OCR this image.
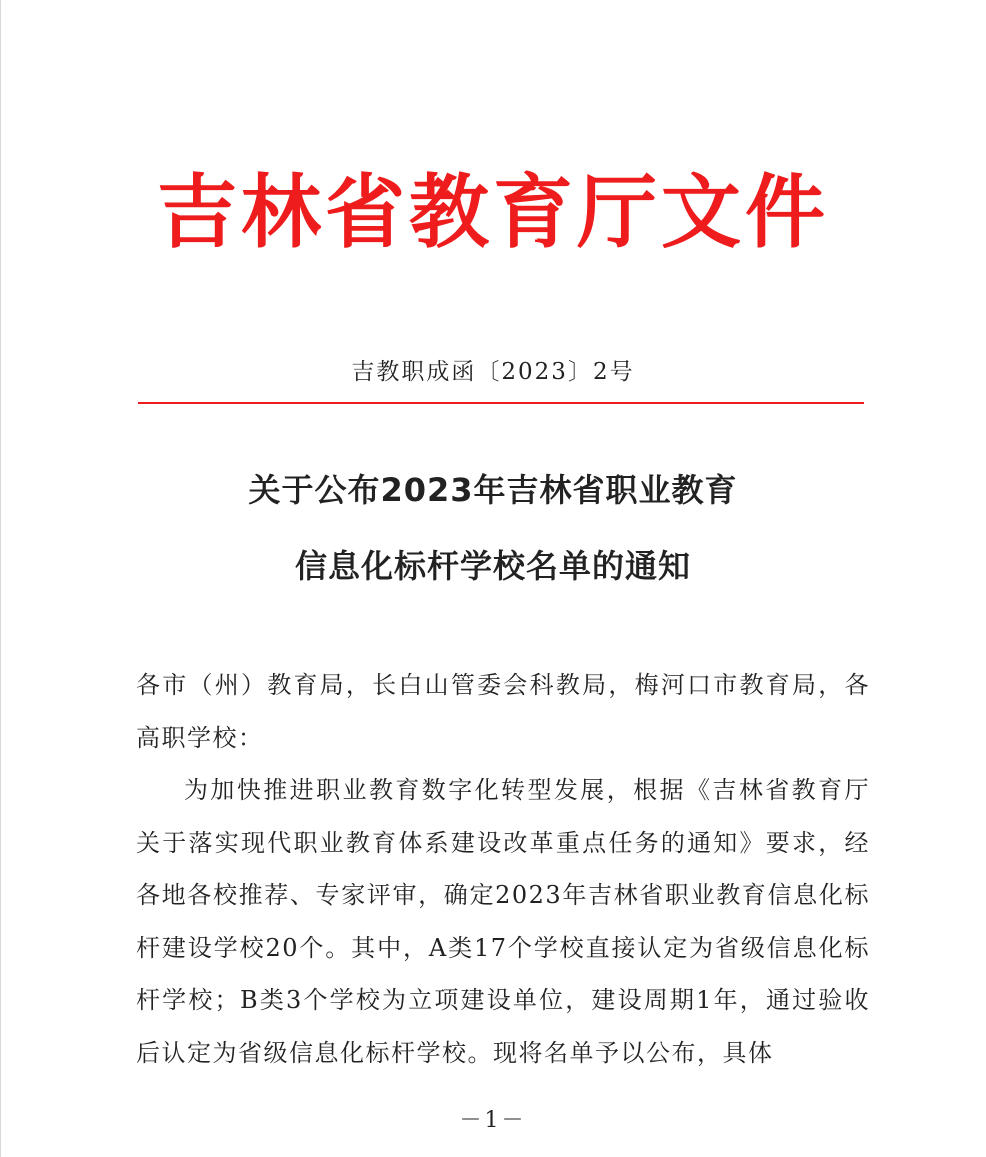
吉林省教育厅文件
吉教职成函〔2023〕2号
关于公布2023年吉林省职业教育
信息化标杆学校名单的通知

各市（州）教育局，长白山管委会科教局，梅河口市教育局，各高职学校：

为加快推进职业教育数字化转型发展，根据《吉林省教育厅关于落实现代职业教育体系建设改革重点任务的通知》要求，经各地各校推荐、专家评审，确定2023年吉林省职业教育信息化标杆建设学校20个。其中，A类17个学校直接认定为省级信息化标杆学校；B类3个学校为立项建设单位，建设周期1年，通过验收后认定为省级信息化标杆学校。现将名单予以公布，具体

－1－
